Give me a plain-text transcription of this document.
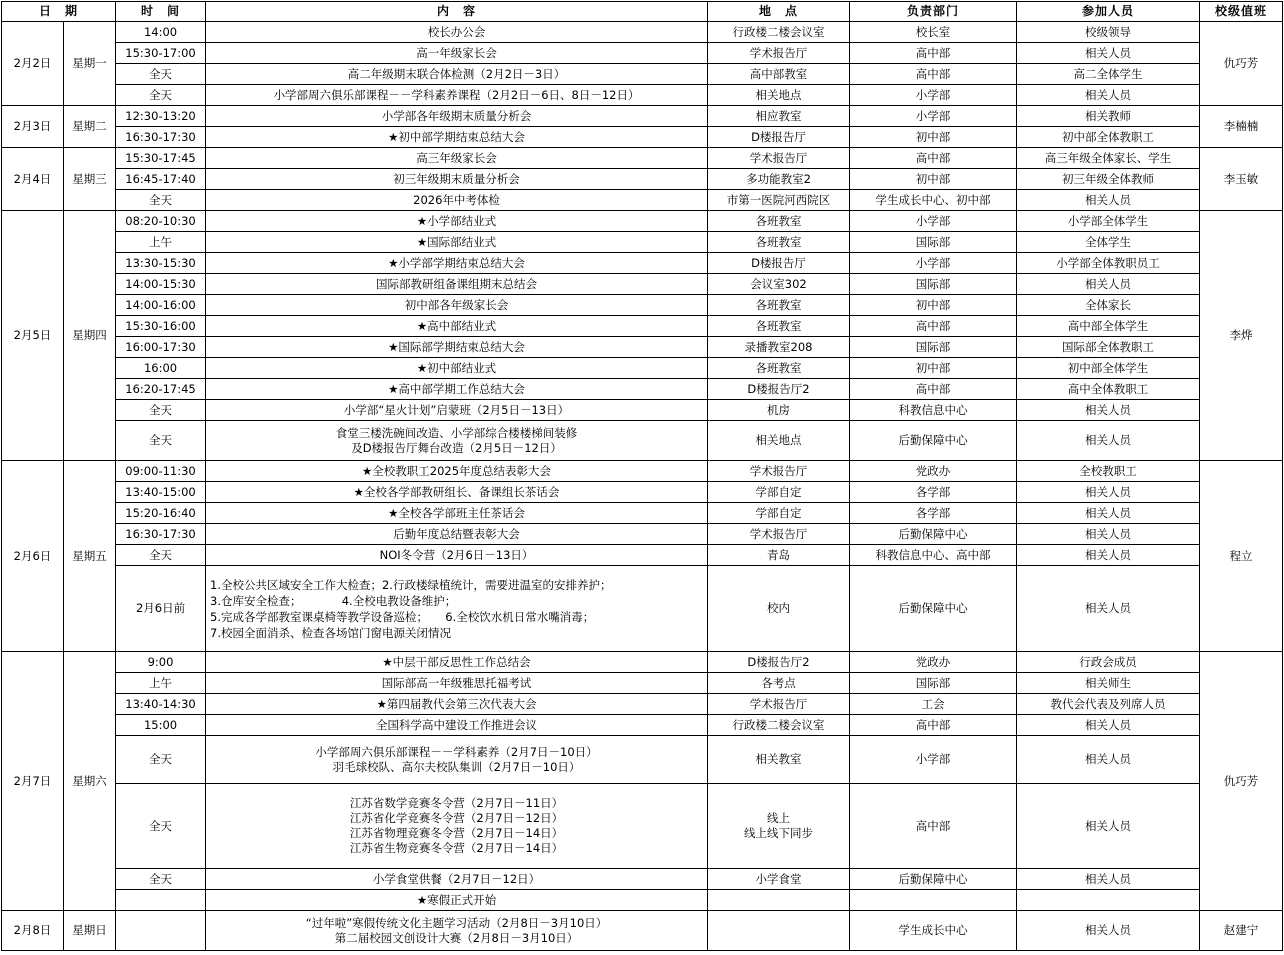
日　期		时　间	内　容	地　点	负责部门	参加人员	校级值班
2月2日	星期一	14:00	校长办公会	行政楼二楼会议室	校长室	校级领导	仇巧芳
		15:30-17:00	高一年级家长会	学术报告厅	高中部	相关人员	
		全天	高二年级期末联合体检测（2月2日－3日）	高中部教室	高中部	高二全体学生	
		全天	小学部周六俱乐部课程－－学科素养课程（2月2日－6日、8日－12日）	相关地点	小学部	相关人员	
2月3日	星期二	12:30-13:20	小学部各年级期末质量分析会	相应教室	小学部	相关教师	李楠楠
		16:30-17:30	★初中部学期结束总结大会	D楼报告厅	初中部	初中部全体教职工	
2月4日	星期三	15:30-17:45	高三年级家长会	学术报告厅	高中部	高三年级全体家长、学生	李玉敏
		16:45-17:40	初三年级期末质量分析会	多功能教室2	初中部	初三年级全体教师	
		全天	2026年中考体检	市第一医院河西院区	学生成长中心、初中部	相关人员	
2月5日	星期四	08:20-10:30	★小学部结业式	各班教室	小学部	小学部全体学生	李烨
		上午	★国际部结业式	各班教室	国际部	全体学生	
		13:30-15:30	★小学部学期结束总结大会	D楼报告厅	小学部	小学部全体教职员工	
		14:00-15:30	国际部教研组备课组期末总结会	会议室302	国际部	相关人员	
		14:00-16:00	初中部各年级家长会	各班教室	初中部	全体家长	
		15:30-16:00	★高中部结业式	各班教室	高中部	高中部全体学生	
		16:00-17:30	★国际部学期结束总结大会	录播教室208	国际部	国际部全体教职工	
		16:00	★初中部结业式	各班教室	初中部	初中部全体学生	
		16:20-17:45	★高中部学期工作总结大会	D楼报告厅2	高中部	高中全体教职工	
		全天	小学部“星火计划”启蒙班（2月5日－13日）	机房	科教信息中心	相关人员	
		全天	食堂三楼洗碗间改造、小学部综合楼楼梯间装修
及D楼报告厅舞台改造（2月5日－12日）	相关地点	后勤保障中心	相关人员	
2月6日	星期五	09:00-11:30	★全校教职工2025年度总结表彰大会	学术报告厅	党政办	全校教职工	程立
		13:40-15:00	★全校各学部教研组长、备课组长茶话会	学部自定	各学部	相关人员	
		15:20-16:40	★全校各学部班主任茶话会	学部自定	各学部	相关人员	
		16:30-17:30	后勤年度总结暨表彰大会	学术报告厅	后勤保障中心	相关人员	
		全天	NOI冬令营（2月6日－13日）	青岛	科教信息中心、高中部	相关人员	
		2月6日前	1.全校公共区域安全工作大检查；2.行政楼绿植统计，需要进温室的安排养护；
3.仓库安全检查；　　　　4.全校电教设备维护；
5.完成各学部教室课桌椅等教学设备巡检；　　6.全校饮水机日常水嘴消毒；
7.校园全面消杀、检查各场馆门窗电源关闭情况	校内	后勤保障中心	相关人员	
2月7日	星期六	9:00	★中层干部反思性工作总结会	D楼报告厅2	党政办	行政会成员	仇巧芳
		上午	国际部高一年级雅思托福考试	各考点	国际部	相关师生	
		13:40-14:30	★第四届教代会第三次代表大会	学术报告厅	工会	教代会代表及列席人员	
		15:00	全国科学高中建设工作推进会议	行政楼二楼会议室	高中部	相关人员	
		全天	小学部周六俱乐部课程－－学科素养（2月7日－10日）
羽毛球校队、高尔夫校队集训（2月7日－10日）	相关教室	小学部	相关人员	
		全天	江苏省数学竞赛冬令营（2月7日－11日）
江苏省化学竞赛冬令营（2月7日－12日）
江苏省物理竞赛冬令营（2月7日－14日）
江苏省生物竞赛冬令营（2月7日－14日）	线上
线上线下同步	高中部	相关人员	
		全天	小学食堂供餐（2月7日－12日）	小学食堂	后勤保障中心	相关人员	

			★寒假正式开始				

2月8日	星期日		“过年啦”寒假传统文化主题学习活动（2月8日－3月10日）
第二届校园文创设计大赛（2月8日－3月10日）		学生成长中心	相关人员	赵建宁
